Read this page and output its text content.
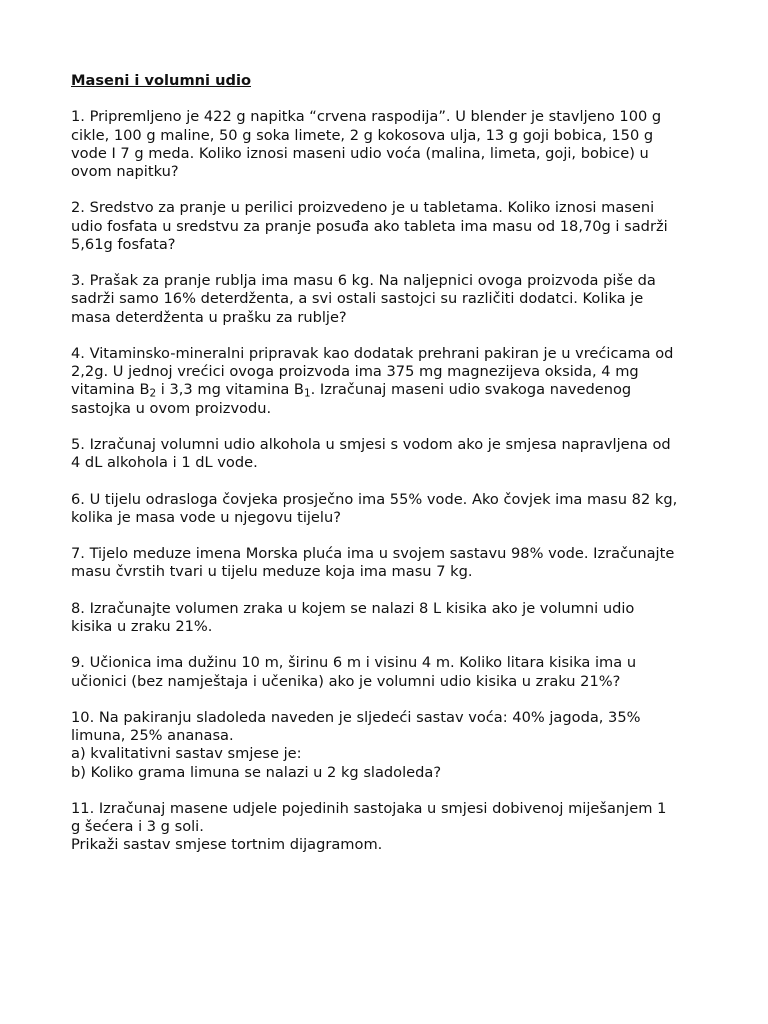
Maseni i volumni udio

1. Pripremljeno je 422 g napitka “crvena raspodija”. U blender je stavljeno 100 g
cikle, 100 g maline, 50 g soka limete, 2 g kokosova ulja, 13 g goji bobica, 150 g
vode I 7 g meda. Koliko iznosi maseni udio voća (malina, limeta, goji, bobice) u
ovom napitku?

2. Sredstvo za pranje u perilici proizvedeno je u tabletama. Koliko iznosi maseni
udio fosfata u sredstvu za pranje posuđa ako tableta ima masu od 18,70g i sadrži
5,61g fosfata?

3. Prašak za pranje rublja ima masu 6 kg. Na naljepnici ovoga proizvoda piše da
sadrži samo 16% deterdženta, a svi ostali sastojci su različiti dodatci. Kolika je
masa deterdženta u prašku za rublje?

4. Vitaminsko-mineralni pripravak kao dodatak prehrani pakiran je u vrećicama od
2,2g. U jednoj vrećici ovoga proizvoda ima 375 mg magnezijeva oksida, 4 mg
vitamina $B_2$ i 3,3 mg vitamina $B_1$. Izračunaj maseni udio svakoga navedenog
sastojka u ovom proizvodu.

5. Izračunaj volumni udio alkohola u smjesi s vodom ako je smjesa napravljena od
4 dL alkohola i 1 dL vode.

6. U tijelu odrasloga čovjeka prosječno ima 55% vode. Ako čovjek ima masu 82 kg,
kolika je masa vode u njegovu tijelu?

7. Tijelo meduze imena Morska pluća ima u svojem sastavu 98% vode. Izračunajte
masu čvrstih tvari u tijelu meduze koja ima masu 7 kg.

8. Izračunajte volumen zraka u kojem se nalazi 8 L kisika ako je volumni udio
kisika u zraku 21%.

9. Učionica ima dužinu 10 m, širinu 6 m i visinu 4 m. Koliko litara kisika ima u
učionici (bez namještaja i učenika) ako je volumni udio kisika u zraku 21%?

10. Na pakiranju sladoleda naveden je sljedeći sastav voća: 40% jagoda, 35%
limuna, 25% ananasa.

a) kvalitativni sastav smjese je:

b) Koliko grama limuna se nalazi u 2 kg sladoleda?

11. Izračunaj masene udjele pojedinih sastojaka u smjesi dobivenoj miješanjem 1
g šećera i 3 g soli.

Prikaži sastav smjese tortnim dijagramom.
